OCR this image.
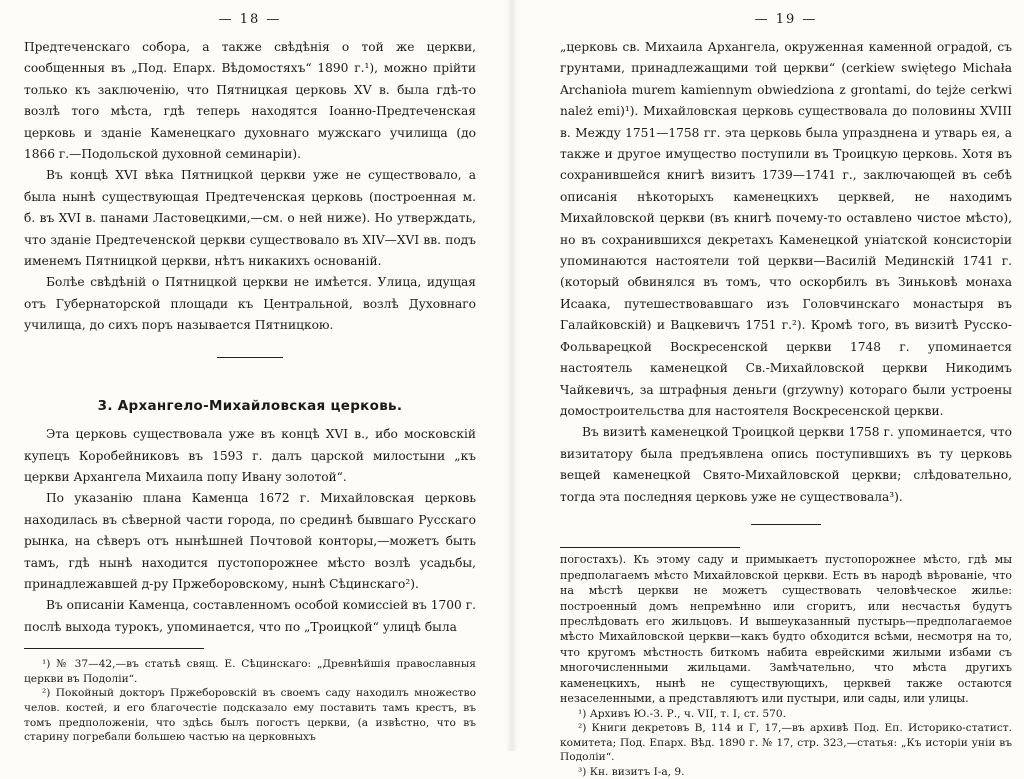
— 18 —

Предтеченскаго собора, а также свѣдѣнія о той же церкви, сообщенныя въ „Под. Епарх. Вѣдомостяхъ“ 1890 г.¹), можно прійти только къ заключенію, что Пятницкая церковь XV в. была гдѣ-то возлѣ того мѣста, гдѣ теперь находятся Іоанно-Предтеченская церковь и зданіе Каменецкаго духовнаго мужскаго училища (до 1866 г.—Подольской духовной семинаріи).

Въ концѣ XVI вѣка Пятницкой церкви уже не существовало, а была нынѣ существующая Предтеченская церковь (построенная м. б. въ XVI в. панами Ластовецкими,—см. о ней ниже). Но утверждать, что зданіе Предтеченской церкви существовало въ XIV—XVI вв. подъ именемъ Пятницкой церкви, нѣтъ никакихъ основаній.

Болѣе свѣдѣній о Пятницкой церкви не имѣется. Улица, идущая отъ Губернаторской площади къ Центральной, возлѣ Духовнаго училища, до сихъ поръ называется Пятницкою.

3. Архангело-Михайловская церковь.

Эта церковь существовала уже въ концѣ XVI в., ибо московскій купецъ Коробейниковъ въ 1593 г. далъ царской милостыни „къ церкви Архангела Михаила попу Ивану золотой“.

По указанію плана Каменца 1672 г. Михайловская церковь находилась въ сѣверной части города, по срединѣ бывшаго Русскаго рынка, на сѣверъ отъ нынѣшней Почтовой конторы,—можетъ быть тамъ, гдѣ нынѣ находится пустопорожнее мѣсто возлѣ усадьбы, принадлежавшей д-ру Пржеборовскому, нынѣ Сѣцинскаго²).

Въ описаніи Каменца, составленномъ особой комиссіей въ 1700 г. послѣ выхода турокъ, упоминается, что по „Троицкой“ улицѣ была

¹) № 37—42,—въ статьѣ свящ. Е. Сѣцинскаго: „Древнѣйшія православныя церкви въ Подоліи“.

²) Покойный докторъ Пржеборовскій въ своемъ саду находилъ множество челов. костей, и его благочестіе подсказало ему поставить тамъ крестъ, въ томъ предположеніи, что здѣсь былъ погостъ церкви, (а извѣстно, что въ старину погребали большею частью на церковныхъ

— 19 —

„церковь св. Михаила Архангела, окруженная каменной оградой, съ грунтами, принадлежащими той церкви“ (cerkiew swiętego Michała Archanioła murem kamiennym obwiedziona z grontami, do tejże cerkwi należ emi)¹). Михайловская церковь существовала до половины XVIII в. Между 1751—1758 гг. эта церковь была упразднена и утварь ея, а также и другое имущество поступили въ Троицкую церковь. Хотя въ сохранившейся книгѣ визитъ 1739—1741 г., заключающей въ себѣ описанія нѣкоторыхъ каменецкихъ церквей, не находимъ Михайловской церкви (въ книгѣ почему-то оставлено чистое мѣсто), но въ сохранившихся декретахъ Каменецкой уніатской консисторіи упоминаются настоятели той церкви—Василій Мединскій 1741 г. (который обвинялся въ томъ, что оскорбилъ въ Зиньковѣ монаха Исаака, путешествовавшаго изъ Головчинскаго монастыря въ Галайковскій) и Вацкевичъ 1751 г.²). Кромѣ того, въ визитѣ Русско-Фольварецкой Воскресенской церкви 1748 г. упоминается настоятель каменецкой Св.-Михайловской церкви Никодимъ Чайкевичъ, за штрафныя деньги (grzywny) котораго были устроены домостроительства для настоятеля Воскресенской церкви.

Въ визитѣ каменецкой Троицкой церкви 1758 г. упоминается, что визитатору была предъявлена опись поступившихъ въ ту церковь вещей каменецкой Свято-Михайловской церкви; слѣдовательно, тогда эта последняя церковь уже не существовала³).

погостахъ). Къ этому саду и примыкаетъ пустопорожнее мѣсто, гдѣ мы предполагаемъ мѣсто Михайловской церкви. Есть въ народѣ вѣрованіе, что на мѣстѣ церкви не можетъ существовать человѣческое жилье: построенный домъ непремѣнно или сгоритъ, или несчастья будутъ преслѣдовать его жильцовъ. И вышеуказанный пустырь—предполагаемое мѣсто Михайловской церкви—какъ будто обходится всѣми, несмотря на то, что кругомъ мѣстность биткомъ набита еврейскими жилыми избами съ многочисленными жильцами. Замѣчательно, что мѣста другихъ каменецкихъ, нынѣ не существующихъ, церквей также остаются незаселенными, а представляютъ или пустыри, или сады, или улицы.

¹) Архивъ Ю.-З. Р., ч. VII, т. I, ст. 570.

²) Книги декретовъ В, 114 и Г, 17,—въ архивѣ Под. Еп. Историко-статист. комитета; Под. Епарх. Вѣд. 1890 г. № 17, стр. 323,—статья: „Къ исторіи уніи въ Подоліи“.

³) Кн. визитъ I-а, 9.
